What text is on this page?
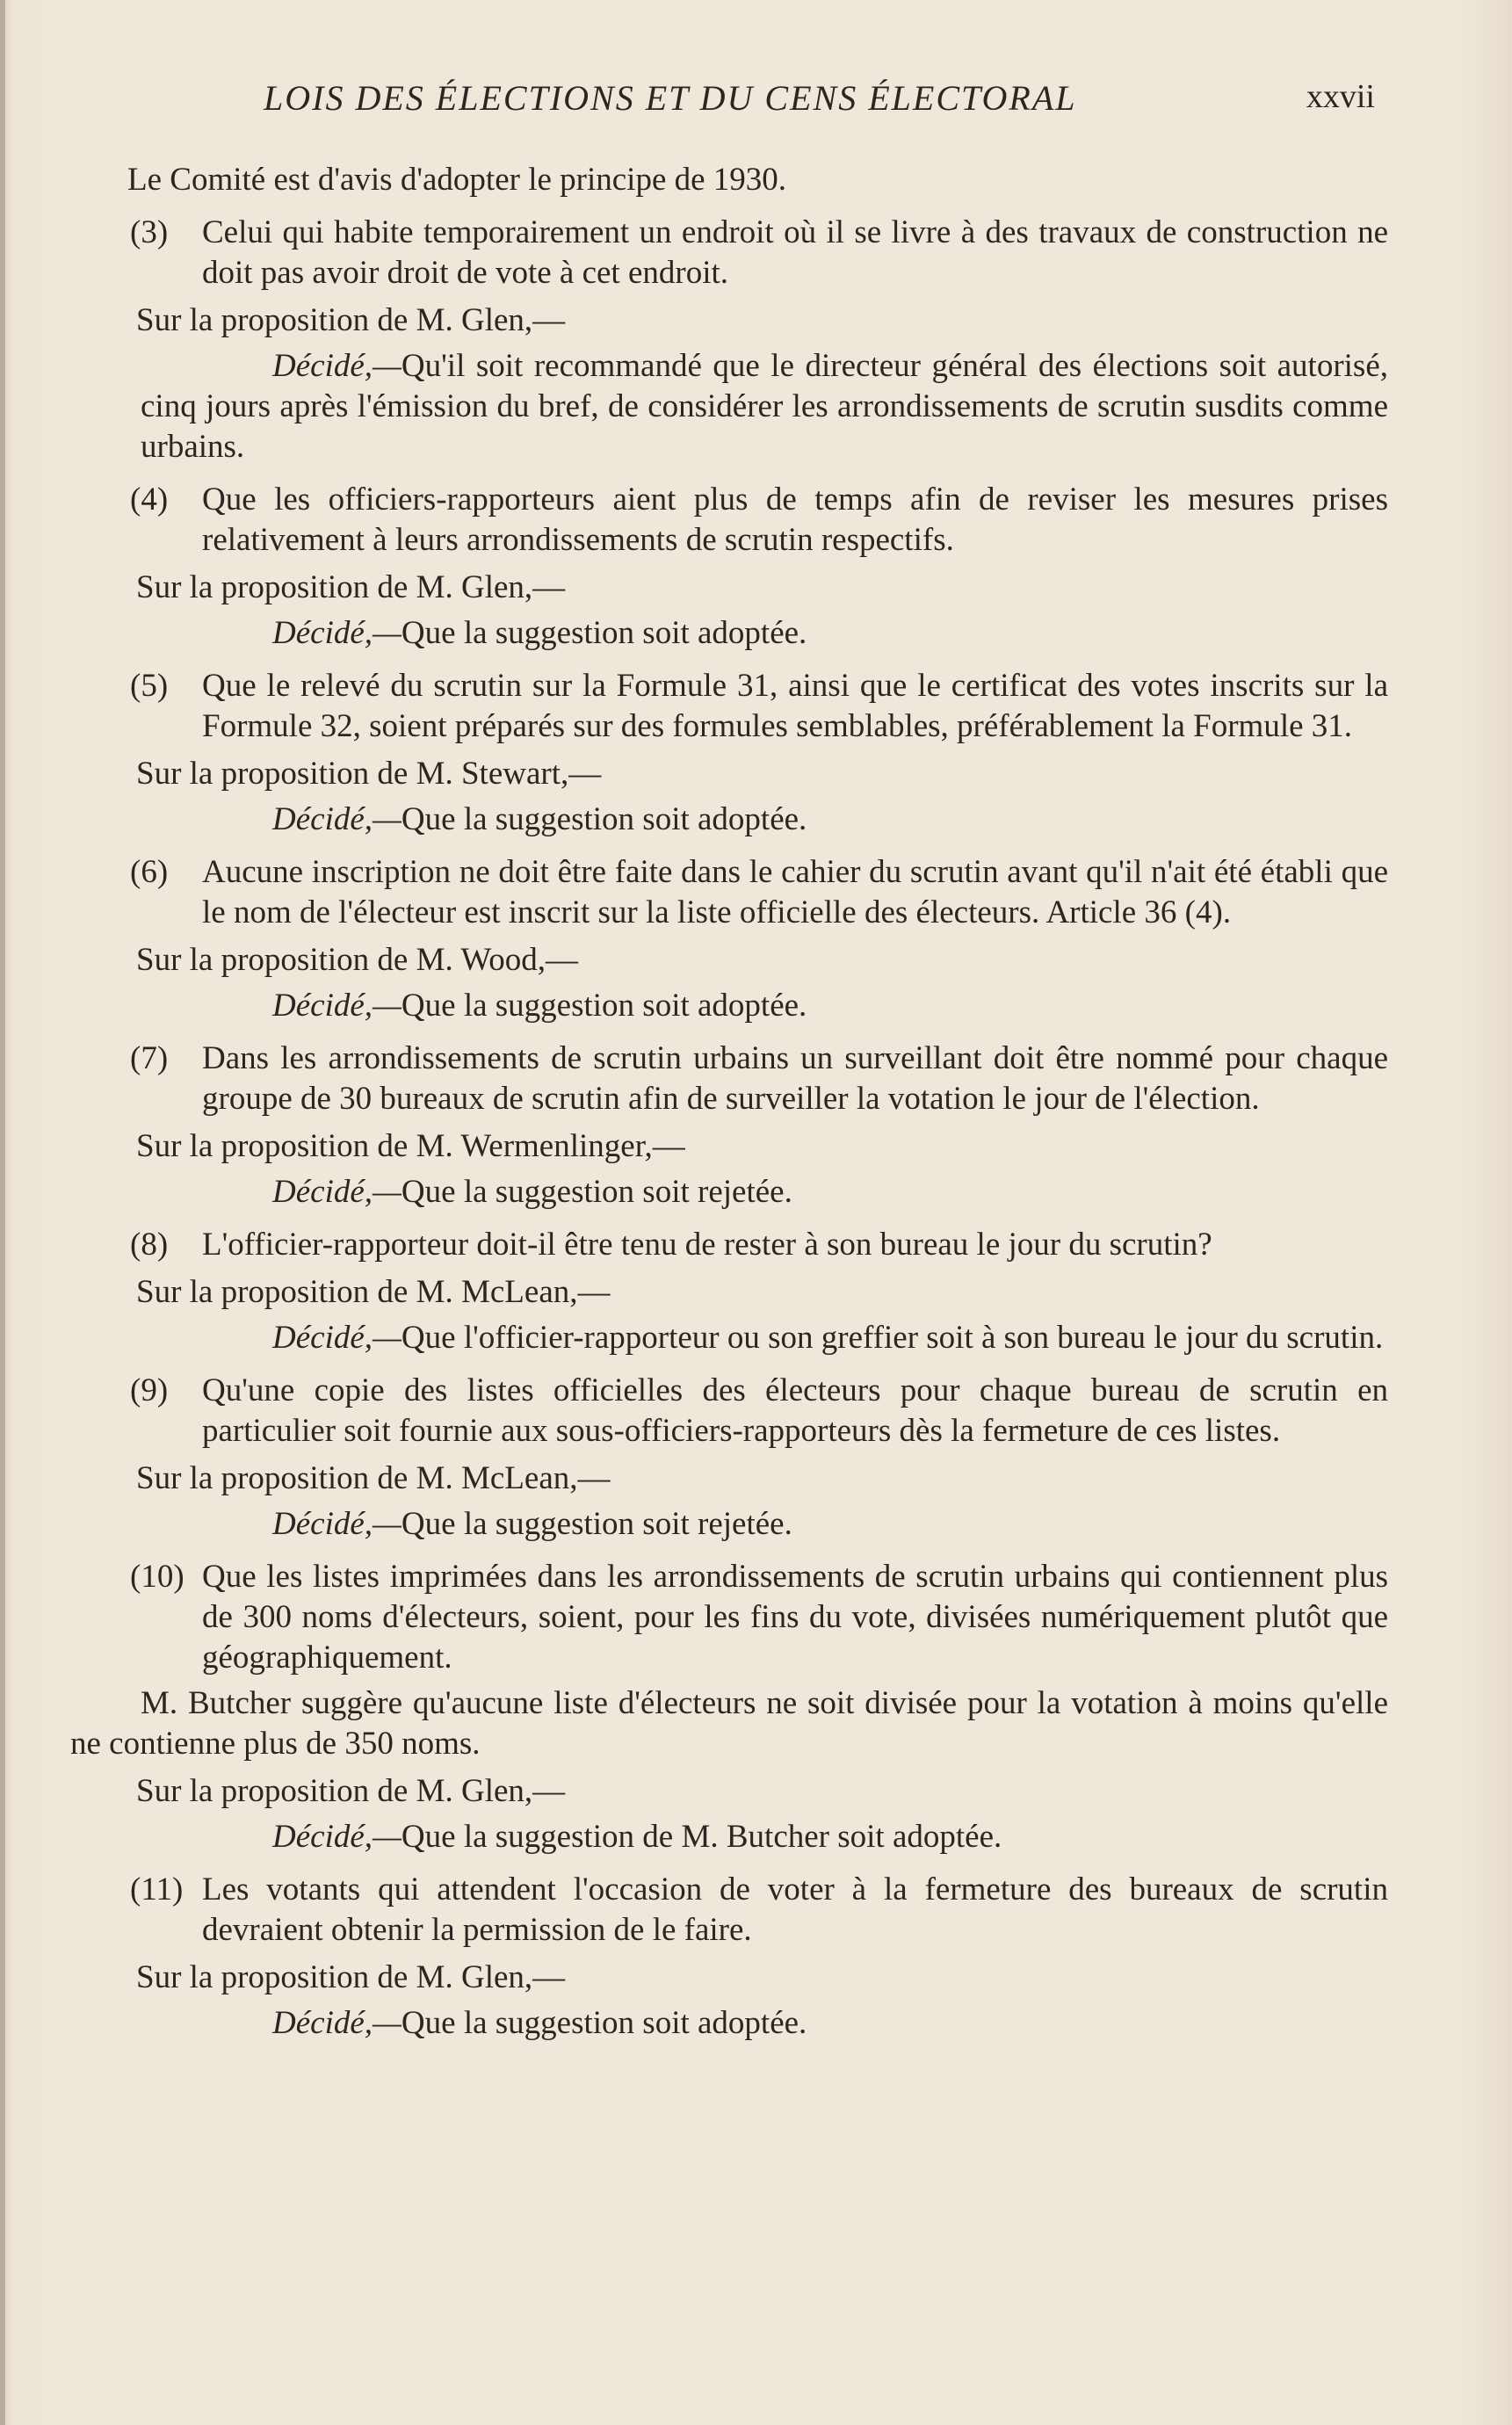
LOIS DES ÉLECTIONS ET DU CENS ÉLECTORAL	xxvii

Le Comité est d'avis d'adopter le principe de 1930.

(3) Celui qui habite temporairement un endroit où il se livre à des travaux de construction ne doit pas avoir droit de vote à cet endroit.

Sur la proposition de M. Glen,—

Décidé,—Qu'il soit recommandé que le directeur général des élections soit autorisé, cinq jours après l'émission du bref, de considérer les arrondissements de scrutin susdits comme urbains.

(4) Que les officiers-rapporteurs aient plus de temps afin de reviser les mesures prises relativement à leurs arrondissements de scrutin respectifs.

Sur la proposition de M. Glen,—

Décidé,—Que la suggestion soit adoptée.

(5) Que le relevé du scrutin sur la Formule 31, ainsi que le certificat des votes inscrits sur la Formule 32, soient préparés sur des formules semblables, préférablement la Formule 31.

Sur la proposition de M. Stewart,—

Décidé,—Que la suggestion soit adoptée.

(6) Aucune inscription ne doit être faite dans le cahier du scrutin avant qu'il n'ait été établi que le nom de l'électeur est inscrit sur la liste officielle des électeurs. Article 36 (4).

Sur la proposition de M. Wood,—

Décidé,—Que la suggestion soit adoptée.

(7) Dans les arrondissements de scrutin urbains un surveillant doit être nommé pour chaque groupe de 30 bureaux de scrutin afin de surveiller la votation le jour de l'élection.

Sur la proposition de M. Wermenlinger,—

Décidé,—Que la suggestion soit rejetée.

(8) L'officier-rapporteur doit-il être tenu de rester à son bureau le jour du scrutin?

Sur la proposition de M. McLean,—

Décidé,—Que l'officier-rapporteur ou son greffier soit à son bureau le jour du scrutin.

(9) Qu'une copie des listes officielles des électeurs pour chaque bureau de scrutin en particulier soit fournie aux sous-officiers-rapporteurs dès la fermeture de ces listes.

Sur la proposition de M. McLean,—

Décidé,—Que la suggestion soit rejetée.

(10) Que les listes imprimées dans les arrondissements de scrutin urbains qui contiennent plus de 300 noms d'électeurs, soient, pour les fins du vote, divisées numériquement plutôt que géographiquement.

M. Butcher suggère qu'aucune liste d'électeurs ne soit divisée pour la votation à moins qu'elle ne contienne plus de 350 noms.

Sur la proposition de M. Glen,—

Décidé,—Que la suggestion de M. Butcher soit adoptée.

(11) Les votants qui attendent l'occasion de voter à la fermeture des bureaux de scrutin devraient obtenir la permission de le faire.

Sur la proposition de M. Glen,—

Décidé,—Que la suggestion soit adoptée.
